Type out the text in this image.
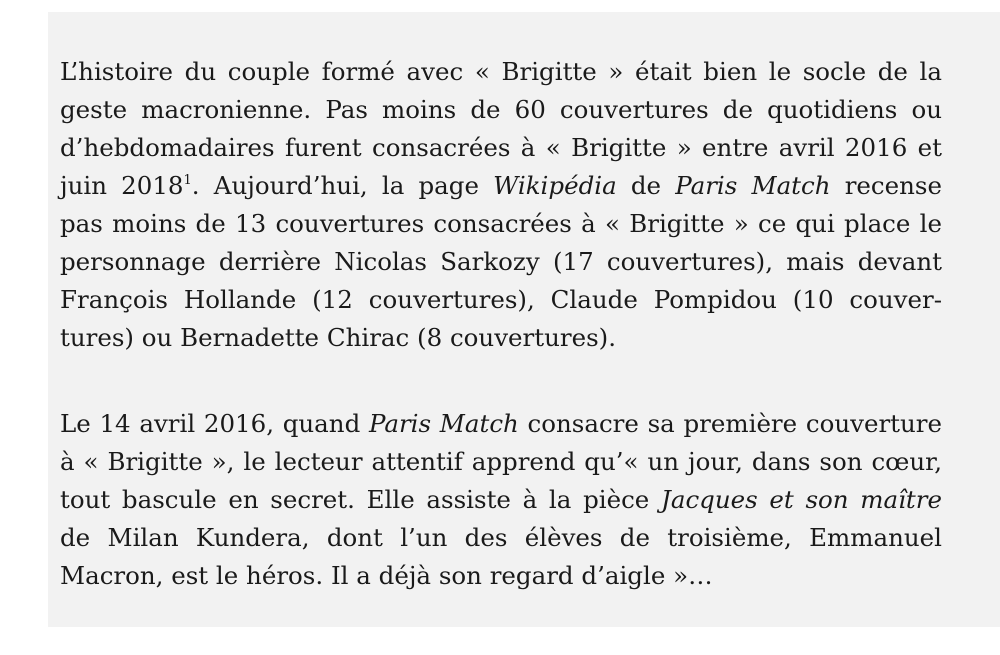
L’histoire du couple formé avec « Brigitte » était bien le socle de la
geste macronienne. Pas moins de 60 couvertures de quotidiens ou
d’hebdomadaires furent consacrées à « Brigitte » entre avril 2016 et
juin 2018$^1$. Aujourd’hui, la page Wikipédia de Paris Match recense
pas moins de 13 couvertures consacrées à « Brigitte » ce qui place le
personnage derrière Nicolas Sarkozy (17 couvertures), mais devant
François Hollande (12 couvertures), Claude Pompidou (10 couver-
tures) ou Bernadette Chirac (8 couvertures).

Le 14 avril 2016, quand Paris Match consacre sa première couverture
à « Brigitte », le lecteur attentif apprend qu’« un jour, dans son cœur,
tout bascule en secret. Elle assiste à la pièce Jacques et son maître
de Milan Kundera, dont l’un des élèves de troisième, Emmanuel
Macron, est le héros. Il a déjà son regard d’aigle »…
